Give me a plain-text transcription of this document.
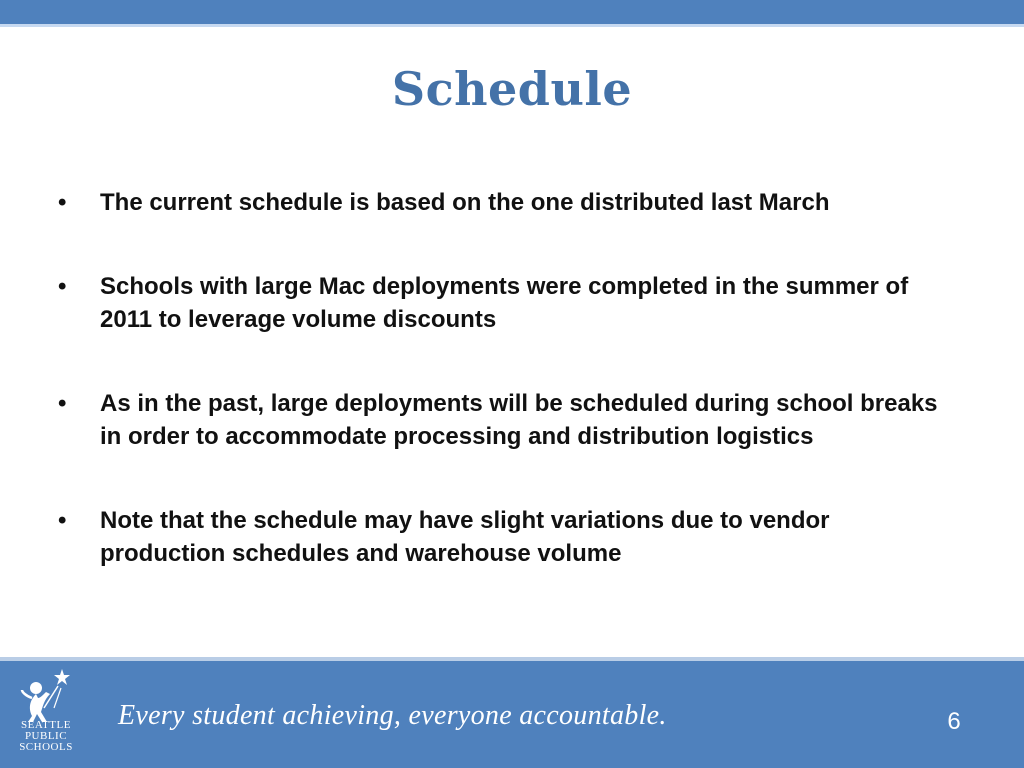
Schedule
•	The current schedule is based on the one distributed last March
•	Schools with large Mac deployments were completed in the summer of 2011 to leverage volume discounts
•	As in the past, large deployments will be scheduled during school breaks in order to accommodate processing and distribution logistics
•	Note that the schedule may have slight variations due to vendor production schedules and warehouse volume
SEATTLE
PUBLIC
SCHOOLS
Every student achieving, everyone accountable.	6
